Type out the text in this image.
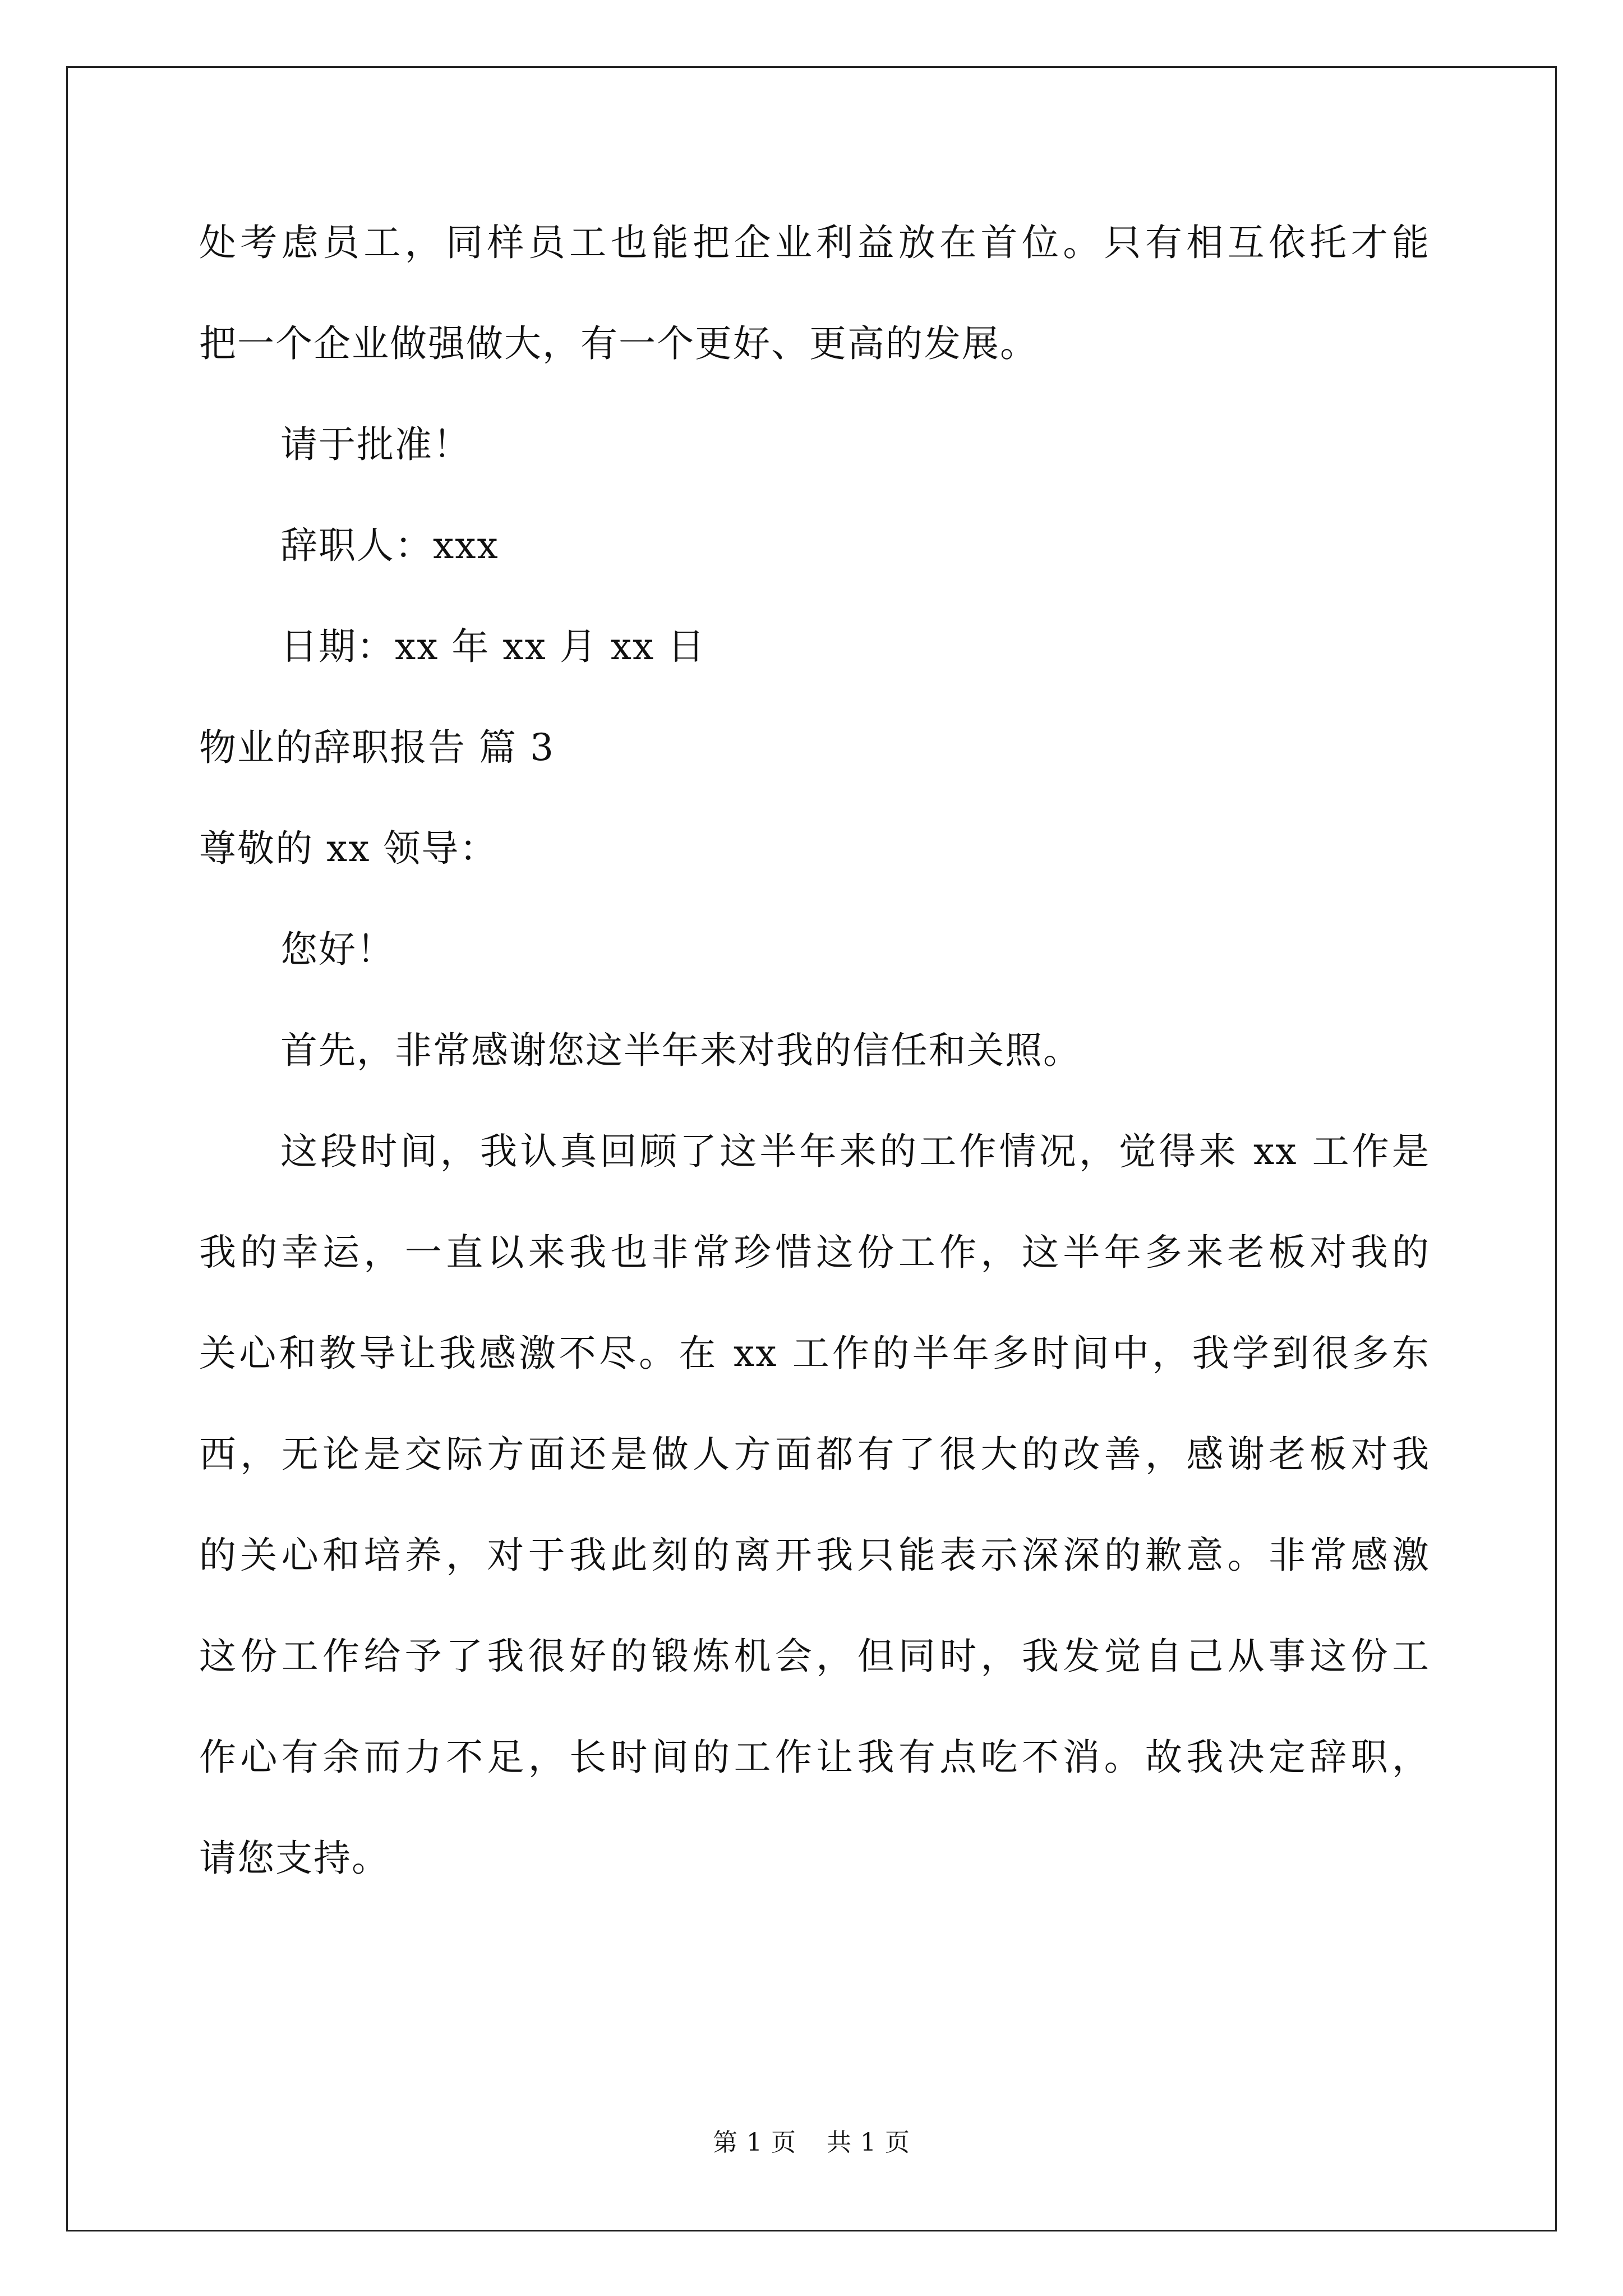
处考虑员工，同样员工也能把企业利益放在首位。只有相互依托才能
把一个企业做强做大，有一个更好、更高的发展。
请于批准！
辞职人：xxx
日期：xx 年 xx 月 xx 日
物业的辞职报告 篇 3
尊敬的 xx 领导：
您好！
首先，非常感谢您这半年来对我的信任和关照。
这段时间，我认真回顾了这半年来的工作情况，觉得来 xx 工作是
我的幸运，一直以来我也非常珍惜这份工作，这半年多来老板对我的
关心和教导让我感激不尽。在 xx 工作的半年多时间中，我学到很多东
西，无论是交际方面还是做人方面都有了很大的改善，感谢老板对我
的关心和培养，对于我此刻的离开我只能表示深深的歉意。非常感激
这份工作给予了我很好的锻炼机会，但同时，我发觉自己从事这份工
作心有余而力不足，长时间的工作让我有点吃不消。故我决定辞职，
请您支持。
第 1 页 共 1 页
